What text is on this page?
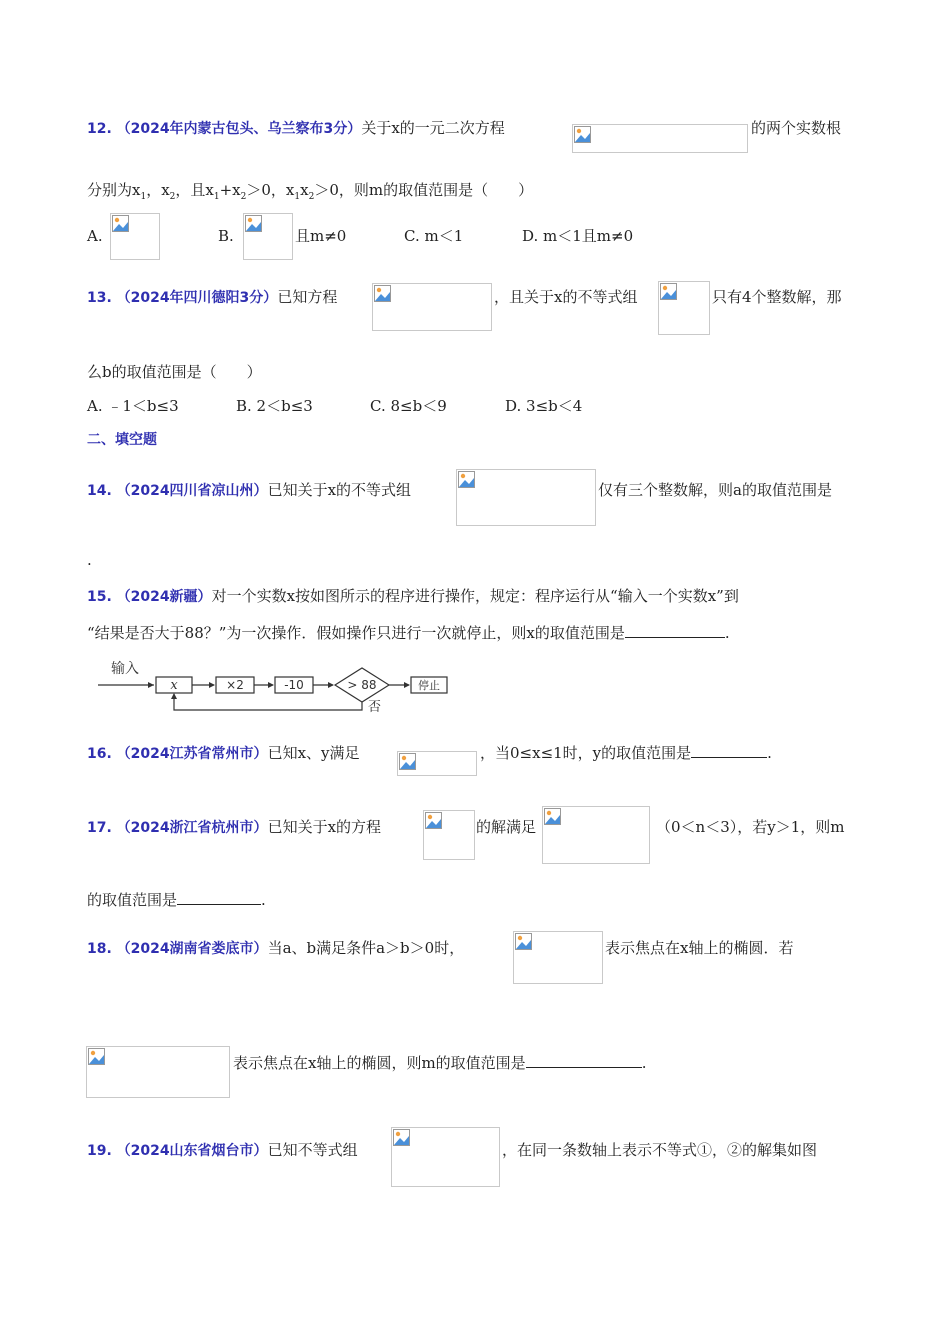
12. （2024年内蒙古包头、乌兰察布3分）关于x的一元二次方程	的两个实数根
分别为$x_1$，$x_2$，且$x_1+x_2>0$，$x_1x_2>0$，则m的取值范围是（　　）
A.	B.	且m≠0	C. m＜1	D. m＜1且m≠0
13. （2024年四川德阳3分）已知方程	，且关于x的不等式组	只有4个整数解，那
么b的取值范围是（　　）
A. ﹣1＜b≤3	B. 2＜b≤3	C. 8≤b＜9	D. 3≤b＜4
二、填空题
14. （2024四川省凉山州）已知关于x的不等式组	仅有三个整数解，则a的取值范围是
.
15. （2024新疆）对一个实数x按如图所示的程序进行操作，规定：程序运行从“输入一个实数x”到
“结果是否大于88？”为一次操作．假如操作只进行一次就停止，则x的取值范围是	.
输入
x	×2	-10	> 88	停止
否
16. （2024江苏省常州市）已知x、y满足	，当0≤x≤1时，y的取值范围是	.
17. （2024浙江省杭州市）已知关于x的方程	的解满足	（0＜n＜3），若y＞1，则m
的取值范围是	.
18. （2024湖南省娄底市）当a、b满足条件a＞b＞0时，	表示焦点在x轴上的椭圆．若
表示焦点在x轴上的椭圆，则m的取值范围是	.
19. （2024山东省烟台市）已知不等式组	，在同一条数轴上表示不等式①，②的解集如图
